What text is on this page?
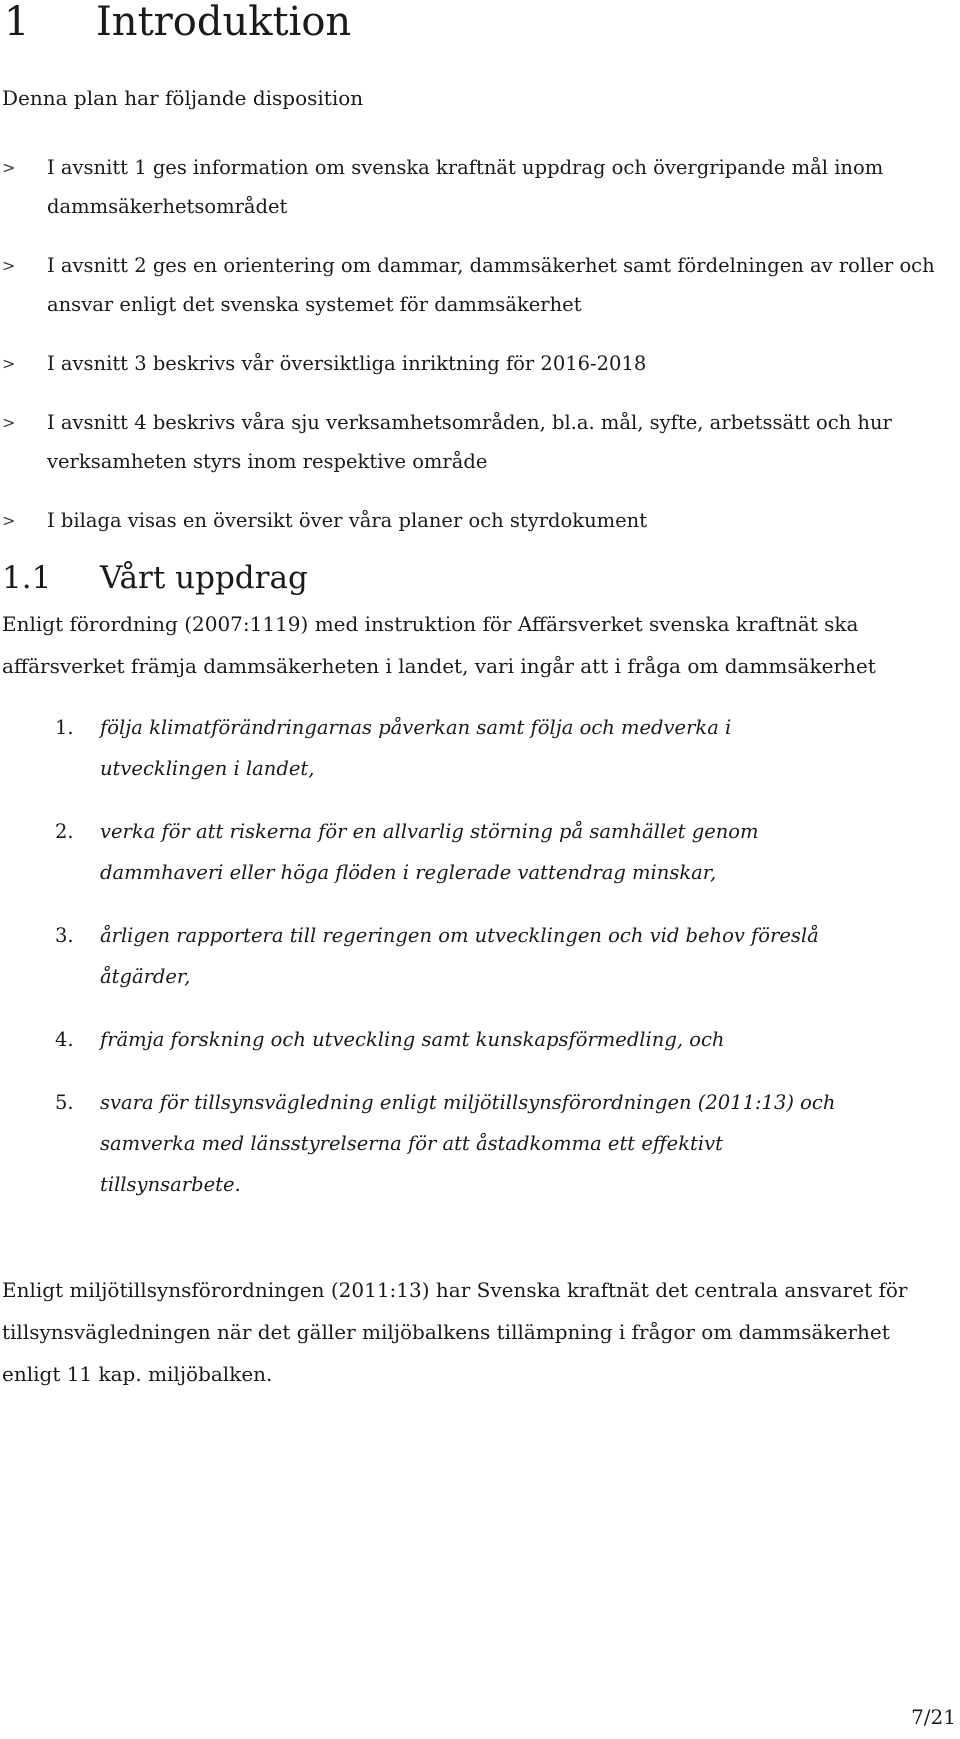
1 Introduktion

Denna plan har följande disposition

> I avsnitt 1 ges information om svenska kraftnät uppdrag och övergripande mål inom dammsäkerhetsområdet
> I avsnitt 2 ges en orientering om dammar, dammsäkerhet samt fördelningen av roller och ansvar enligt det svenska systemet för dammsäkerhet
> I avsnitt 3 beskrivs vår översiktliga inriktning för 2016-2018
> I avsnitt 4 beskrivs våra sju verksamhetsområden, bl.a. mål, syfte, arbetssätt och hur verksamheten styrs inom respektive område
> I bilaga visas en översikt över våra planer och styrdokument
1.1 Vårt uppdrag

Enligt förordning (2007:1119) med instruktion för Affärsverket svenska kraftnät ska affärsverket främja dammsäkerheten i landet, vari ingår att i fråga om dammsäkerhet

1. följa klimatförändringarnas påverkan samt följa och medverka i utvecklingen i landet,
2. verka för att riskerna för en allvarlig störning på samhället genom dammhaveri eller höga flöden i reglerade vattendrag minskar,
3. årligen rapportera till regeringen om utvecklingen och vid behov föreslå åtgärder,
4. främja forskning och utveckling samt kunskapsförmedling, och
5. svara för tillsynsvägledning enligt miljötillsynsförordningen (2011:13) och samverka med länsstyrelserna för att åstadkomma ett effektivt tillsynsarbete.

Enligt miljötillsynsförordningen (2011:13) har Svenska kraftnät det centrala ansvaret för tillsynsvägledningen när det gäller miljöbalkens tillämpning i frågor om dammsäkerhet enligt 11 kap. miljöbalken.

7/21
